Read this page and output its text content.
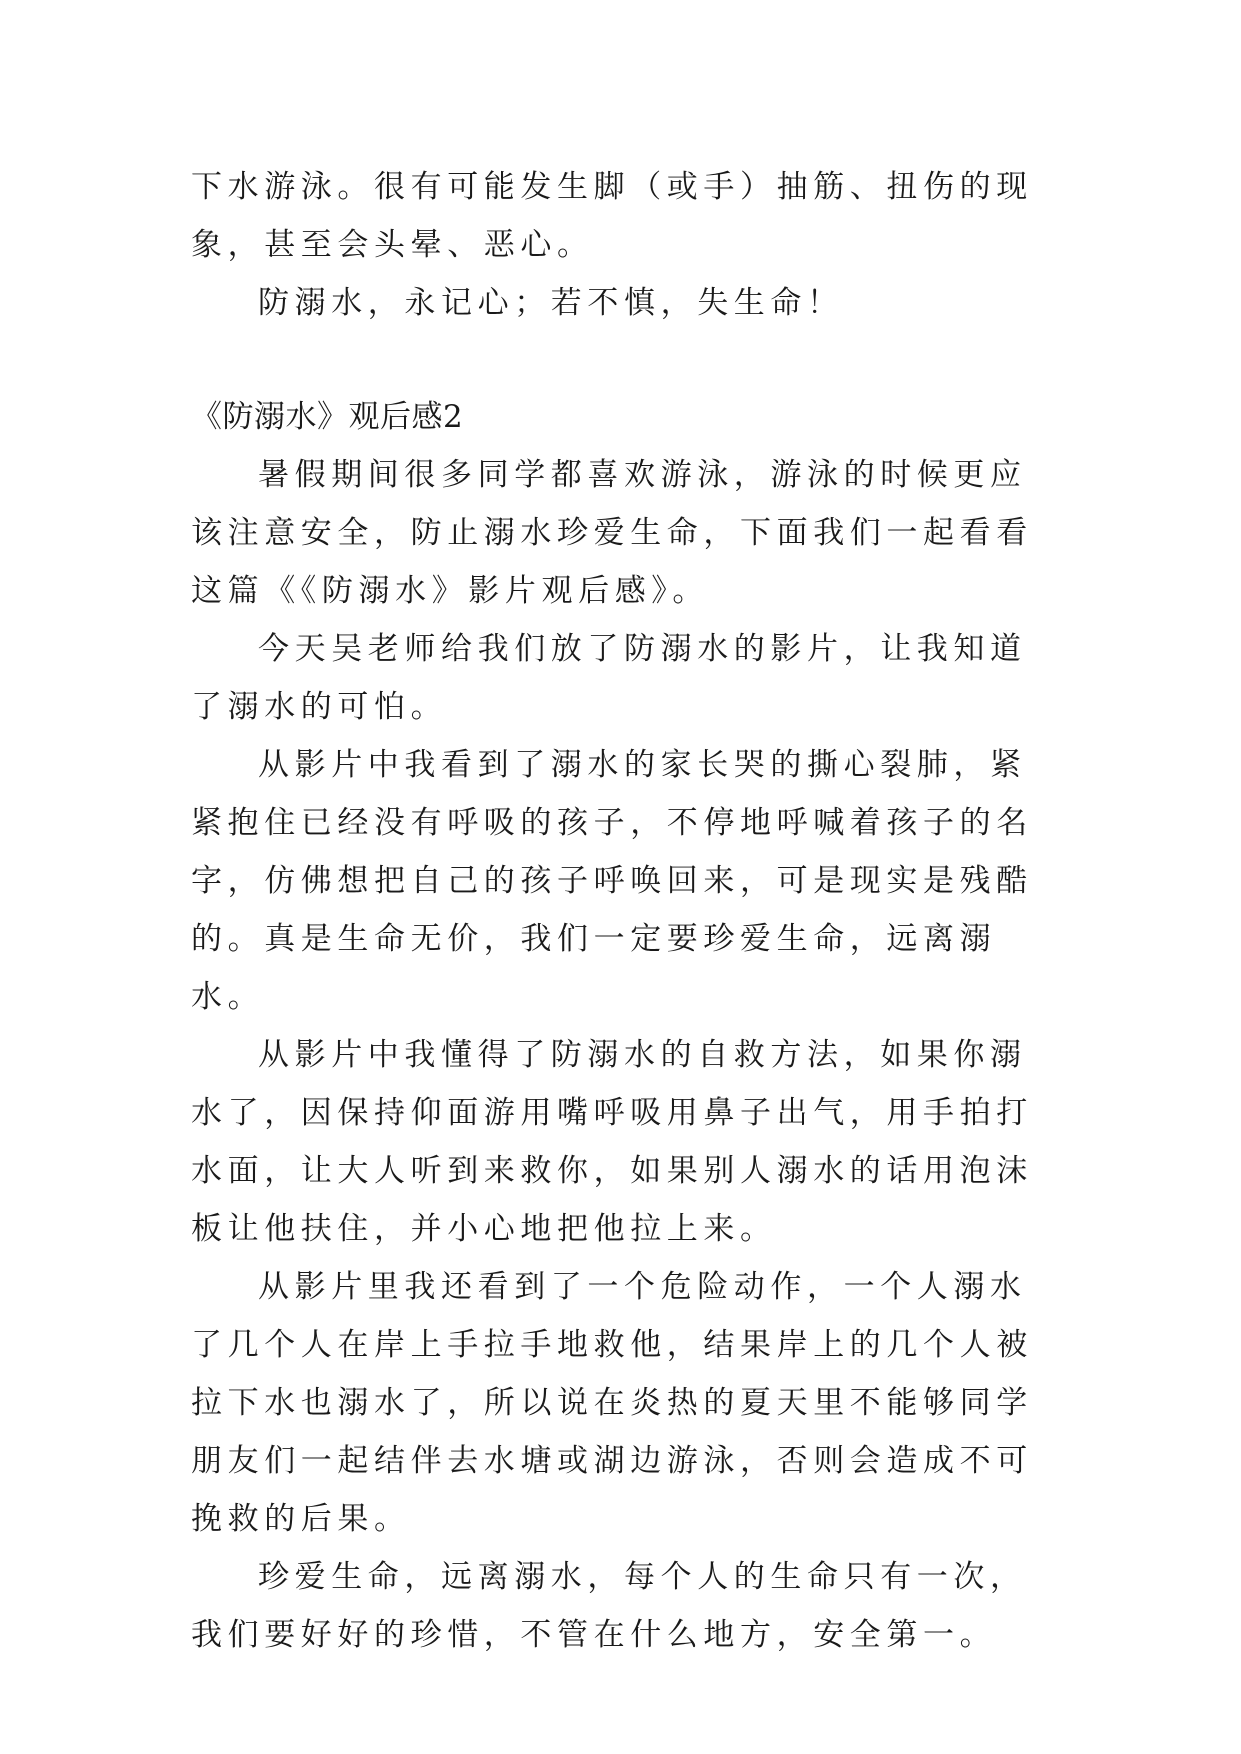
下水游泳。很有可能发生脚（或手）抽筋、扭伤的现象，甚至会头晕、恶心。

防溺水，永记心；若不慎，失生命！

《防溺水》观后感2

暑假期间很多同学都喜欢游泳，游泳的时候更应该注意安全，防止溺水珍爱生命，下面我们一起看看这篇《《防溺水》影片观后感》。

今天吴老师给我们放了防溺水的影片，让我知道了溺水的可怕。

从影片中我看到了溺水的家长哭的撕心裂肺，紧紧抱住已经没有呼吸的孩子，不停地呼喊着孩子的名字，仿佛想把自己的孩子呼唤回来，可是现实是残酷的。真是生命无价，我们一定要珍爱生命，远离溺水。

从影片中我懂得了防溺水的自救方法，如果你溺水了，因保持仰面游用嘴呼吸用鼻子出气，用手拍打水面，让大人听到来救你，如果别人溺水的话用泡沫板让他扶住，并小心地把他拉上来。

从影片里我还看到了一个危险动作，一个人溺水了几个人在岸上手拉手地救他，结果岸上的几个人被拉下水也溺水了，所以说在炎热的夏天里不能够同学朋友们一起结伴去水塘或湖边游泳，否则会造成不可挽救的后果。

珍爱生命，远离溺水，每个人的生命只有一次，我们要好好的珍惜，不管在什么地方，安全第一。
